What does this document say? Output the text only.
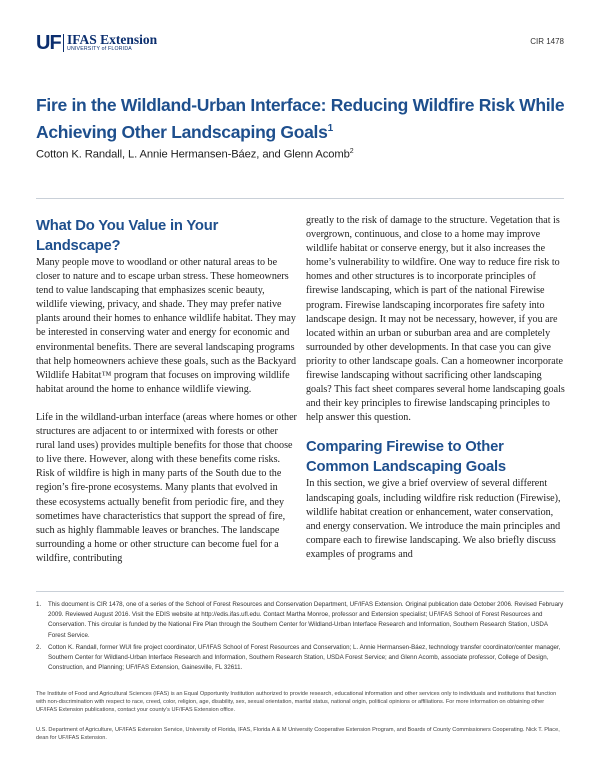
UF IFAS Extension
UNIVERSITY of FLORIDA
CIR 1478
Fire in the Wildland-Urban Interface: Reducing Wildfire Risk While Achieving Other Landscaping Goals$^1$
Cotton K. Randall, L. Annie Hermansen-Báez, and Glenn Acomb$^2$
What Do You Value in Your
Landscape?

Many people move to woodland or other natural areas to be closer to nature and to escape urban stress. These homeowners tend to value landscaping that emphasizes scenic beauty, wildlife viewing, privacy, and shade. They may prefer native plants around their homes to enhance wildlife habitat. They may be interested in conserving water and energy for economic and environmental benefits. There are several landscaping programs that help homeowners achieve these goals, such as the Backyard Wildlife Habitat™ program that focuses on improving wildlife habitat around the home to enhance wildlife viewing.

Life in the wildland-urban interface (areas where homes or other structures are adjacent to or intermixed with forests or other rural land uses) provides multiple benefits for those that choose to live there. However, along with these benefits come risks. Risk of wildfire is high in many parts of the South due to the region’s fire-prone ecosystems. Many plants that evolved in these ecosystems actually benefit from periodic fire, and they sometimes have characteristics that support the spread of fire, such as highly flammable leaves or branches. The landscape surrounding a home or other structure can become fuel for a wildfire, contributing

greatly to the risk of damage to the structure. Vegetation that is overgrown, continuous, and close to a home may improve wildlife habitat or conserve energy, but it also increases the home’s vulnerability to wildfire. One way to reduce fire risk to homes and other structures is to incorporate principles of firewise landscaping, which is part of the national Firewise program. Firewise landscaping incorporates fire safety into landscape design. It may not be necessary, however, if you are located within an urban or suburban area and are completely surrounded by other developments. In that case you can give priority to other landscape goals. Can a homeowner incorporate firewise landscaping without sacrificing other landscaping goals? This fact sheet compares several home landscaping goals and their key principles to firewise landscaping principles to help answer this question.

Comparing Firewise to Other
Common Landscaping Goals

In this section, we give a brief overview of several different landscaping goals, including wildfire risk reduction (Firewise), wildlife habitat creation or enhancement, water conservation, and energy conservation. We introduce the main principles and compare each to firewise landscaping. We also briefly discuss examples of programs and

1. This document is CIR 1478, one of a series of the School of Forest Resources and Conservation Department, UF/IFAS Extension. Original publication date October 2006. Revised February 2009. Reviewed August 2016. Visit the EDIS website at http://edis.ifas.ufl.edu. Contact Martha Monroe, professor and Extension specialist; UF/IFAS School of Forest Resources and Conservation. This circular is funded by the National Fire Plan through the Southern Center for Wildland-Urban Interface Research and Information, Southern Research Station, USDA Forest Service.
2. Cotton K. Randall, former WUI fire project coordinator, UF/IFAS School of Forest Resources and Conservation; L. Annie Hermansen-Báez, technology transfer coordinator/center manager, Southern Center for Wildland-Urban Interface Research and Information, Southern Research Station, USDA Forest Service; and Glenn Acomb, associate professor, College of Design, Construction, and Planning; UF/IFAS Extension, Gainesville, FL 32611.
The Institute of Food and Agricultural Sciences (IFAS) is an Equal Opportunity Institution authorized to provide research, educational information and other services only to individuals and institutions that function with non-discrimination with respect to race, creed, color, religion, age, disability, sex, sexual orientation, marital status, national origin, political opinions or affiliations. For more information on obtaining other UF/IFAS Extension publications, contact your county’s UF/IFAS Extension office.
U.S. Department of Agriculture, UF/IFAS Extension Service, University of Florida, IFAS, Florida A & M University Cooperative Extension Program, and Boards of County Commissioners Cooperating. Nick T. Place, dean for UF/IFAS Extension.
